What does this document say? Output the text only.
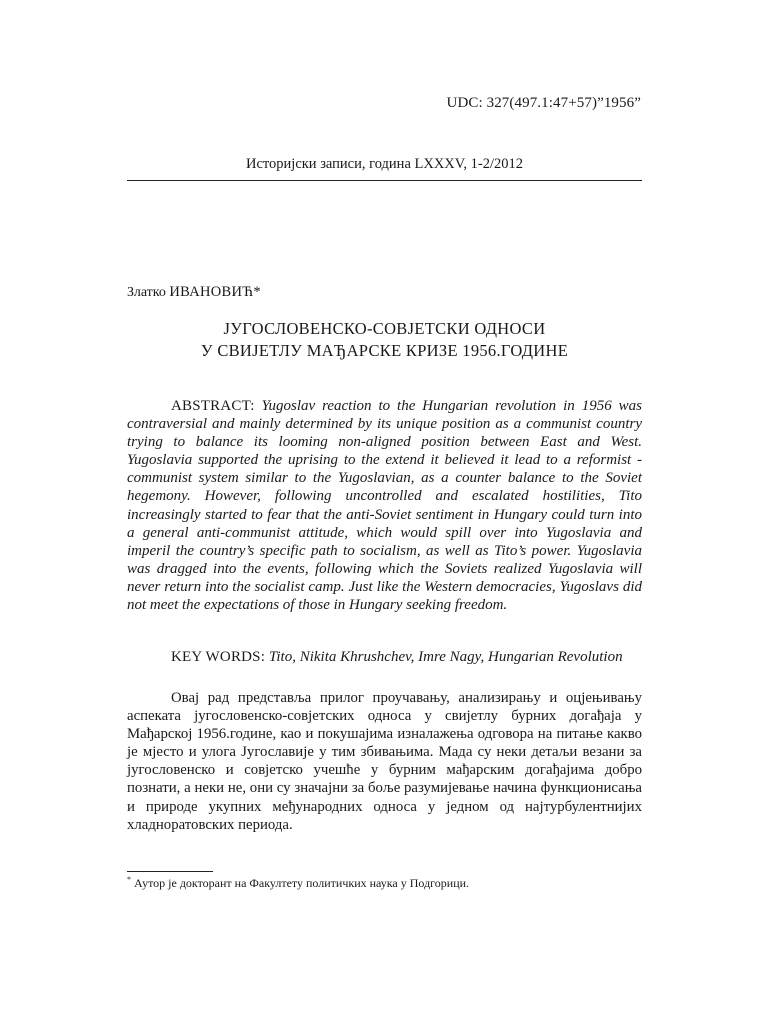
UDC: 327(497.1:47+57)”1956”
Историјски записи, година LXXXV, 1-2/2012
Златко ИВАНОВИЋ*
ЈУГОСЛОВЕНСКО-СОВЈЕТСКИ ОДНОСИ
У СВИЈЕТЛУ МАЂАРСКЕ КРИЗЕ 1956.ГОДИНЕ

ABSTRACT: Yugoslav reaction to the Hungarian revolution in 1956 was contraversial and mainly determined by its unique position as a communist country trying to balance its looming non-aligned position between East and West. Yugoslavia supported the uprising to the extend it believed it lead to a reformist - communist system similar to the Yugoslavian, as a counter balance to the Soviet hegemony. However, following uncontrolled and escalated hostilities, Tito increasingly started to fear that the anti-Soviet sentiment in Hungary could turn into a general anti-communist attitude, which would spill over into Yugoslavia and imperil the country’s specific path to socialism, as well as Tito’s power. Yugoslavia was dragged into the events, following which the Soviets realized Yugoslavia will never return into the socialist camp. Just like the Western democracies, Yugoslavs did not meet the expectations of those in Hungary seeking freedom.

KEY WORDS: Tito, Nikita Khrushchev, Imre Nagy, Hungarian Revolution

Овај рад представља прилог проучавању, анализирању и оцјењивању аспеката југословенско-совјетских односа у свијетлу бурних догађаја у Мађарској 1956.године, као и покушајима изналажења одговора на питање какво је мјесто и улога Југославије у тим збивањима. Мада су неки детаљи везани за југословенско и совјетско учешће у бурним мађарским догађајима добро познати, а неки не, они су значајни за боље разумијевање начина функционисања и природе укупних међународних односа у једном од најтурбулентнијих хладноратовских периода.

* Аутор је докторант на Факултету политичких наука у Подгорици.
